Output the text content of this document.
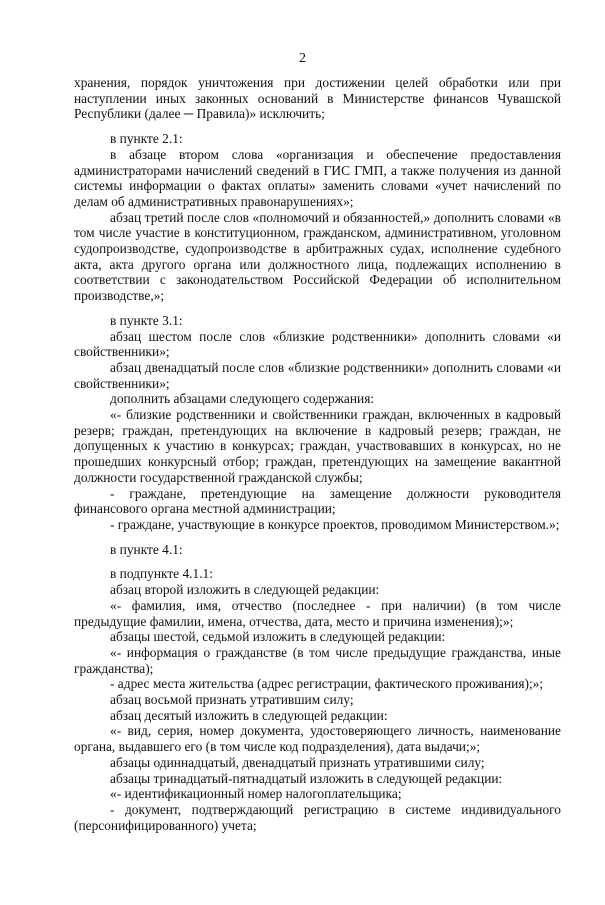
2

хранения, порядок уничтожения при достижении целей обработки или при наступлении иных законных оснований в Министерстве финансов Чувашской Республики (далее ─ Правила)» исключить;

в пункте 2.1:

в абзаце втором слова «организация и обеспечение предоставления администраторами начислений сведений в ГИС ГМП, а также получения из данной системы информации о фактах оплаты» заменить словами «учет начислений по делам об административных правонарушениях»;

абзац третий после слов «полномочий и обязанностей,» дополнить словами «в том числе участие в конституционном, гражданском, административном, уголовном судопроизводстве, судопроизводстве в арбитражных судах, исполнение судебного акта, акта другого органа или должностного лица, подлежащих исполнению в соответствии с законодательством Российской Федерации об исполнительном производстве,»;

в пункте 3.1:

абзац шестом после слов «близкие родственники» дополнить словами «и свойственники»;

абзац двенадцатый после слов «близкие родственники» дополнить словами «и свойственники»;

дополнить абзацами следующего содержания:

«- близкие родственники и свойственники граждан, включенных в кадровый резерв; граждан, претендующих на включение в кадровый резерв; граждан, не допущенных к участию в конкурсах; граждан, участвовавших в конкурсах, но не прошедших конкурсный отбор; граждан, претендующих на замещение вакантной должности государственной гражданской службы;

- граждане, претендующие на замещение должности руководителя финансового органа местной администрации;

- граждане, участвующие в конкурсе проектов, проводимом Министерством.»;

в пункте 4.1:

в подпункте 4.1.1:

абзац второй изложить в следующей редакции:

«- фамилия, имя, отчество (последнее - при наличии) (в том числе предыдущие фамилии, имена, отчества, дата, место и причина изменения);»;

абзацы шестой, седьмой изложить в следующей редакции:

«- информация о гражданстве (в том числе предыдущие гражданства, иные гражданства);

- адрес места жительства (адрес регистрации, фактического проживания);»;

абзац восьмой признать утратившим силу;

абзац десятый изложить в следующей редакции:

«- вид, серия, номер документа, удостоверяющего личность, наименование органа, выдавшего его (в том числе код подразделения), дата выдачи;»;

абзацы одиннадцатый, двенадцатый признать утратившими силу;

абзацы тринадцатый-пятнадцатый изложить в следующей редакции:

«- идентификационный номер налогоплательщика;

- документ, подтверждающий регистрацию в системе индивидуального (персонифицированного) учета;
